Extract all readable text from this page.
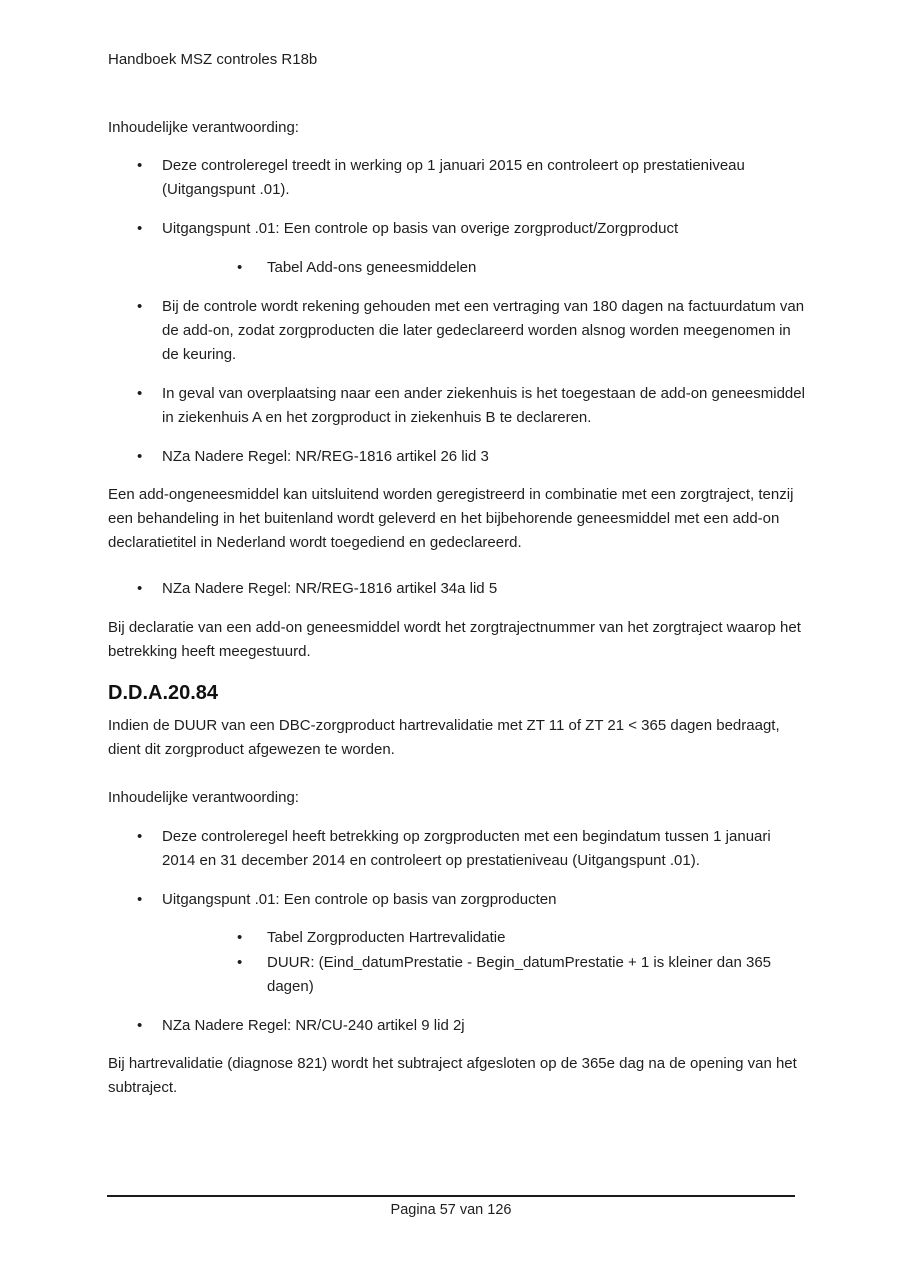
Handboek MSZ controles R18b
Inhoudelijke verantwoording:
• Deze controleregel treedt in werking op 1 januari 2015 en controleert op prestatieniveau (Uitgangspunt .01).
• Uitgangspunt .01: Een controle op basis van overige zorgproduct/Zorgproduct
• Tabel Add-ons geneesmiddelen
• Bij de controle wordt rekening gehouden met een vertraging van 180 dagen na factuurdatum van de add-on, zodat zorgproducten die later gedeclareerd worden alsnog worden meegenomen in de keuring.
• In geval van overplaatsing naar een ander ziekenhuis is het toegestaan de add-on geneesmiddel in ziekenhuis A en het zorgproduct in ziekenhuis B te declareren.
• NZa Nadere Regel: NR/REG-1816 artikel 26 lid 3

Een add-ongeneesmiddel kan uitsluitend worden geregistreerd in combinatie met een zorgtraject, tenzij een behandeling in het buitenland wordt geleverd en het bijbehorende geneesmiddel met een add-on declaratietitel in Nederland wordt toegediend en gedeclareerd.

• NZa Nadere Regel: NR/REG-1816 artikel 34a lid 5

Bij declaratie van een add-on geneesmiddel wordt het zorgtrajectnummer van het zorgtraject waarop het betrekking heeft meegestuurd.

D.D.A.20.84

Indien de DUUR van een DBC-zorgproduct hartrevalidatie met ZT 11 of ZT 21 < 365 dagen bedraagt, dient dit zorgproduct afgewezen te worden.

Inhoudelijke verantwoording:
• Deze controleregel heeft betrekking op zorgproducten met een begindatum tussen 1 januari 2014 en 31 december 2014 en controleert op prestatieniveau (Uitgangspunt .01).
• Uitgangspunt .01: Een controle op basis van zorgproducten
• Tabel Zorgproducten Hartrevalidatie
• DUUR: (Eind_datumPrestatie - Begin_datumPrestatie + 1 is kleiner dan 365 dagen)
• NZa Nadere Regel: NR/CU-240 artikel 9 lid 2j

Bij hartrevalidatie (diagnose 821) wordt het subtraject afgesloten op de 365e dag na de opening van het subtraject.

Pagina 57 van 126
